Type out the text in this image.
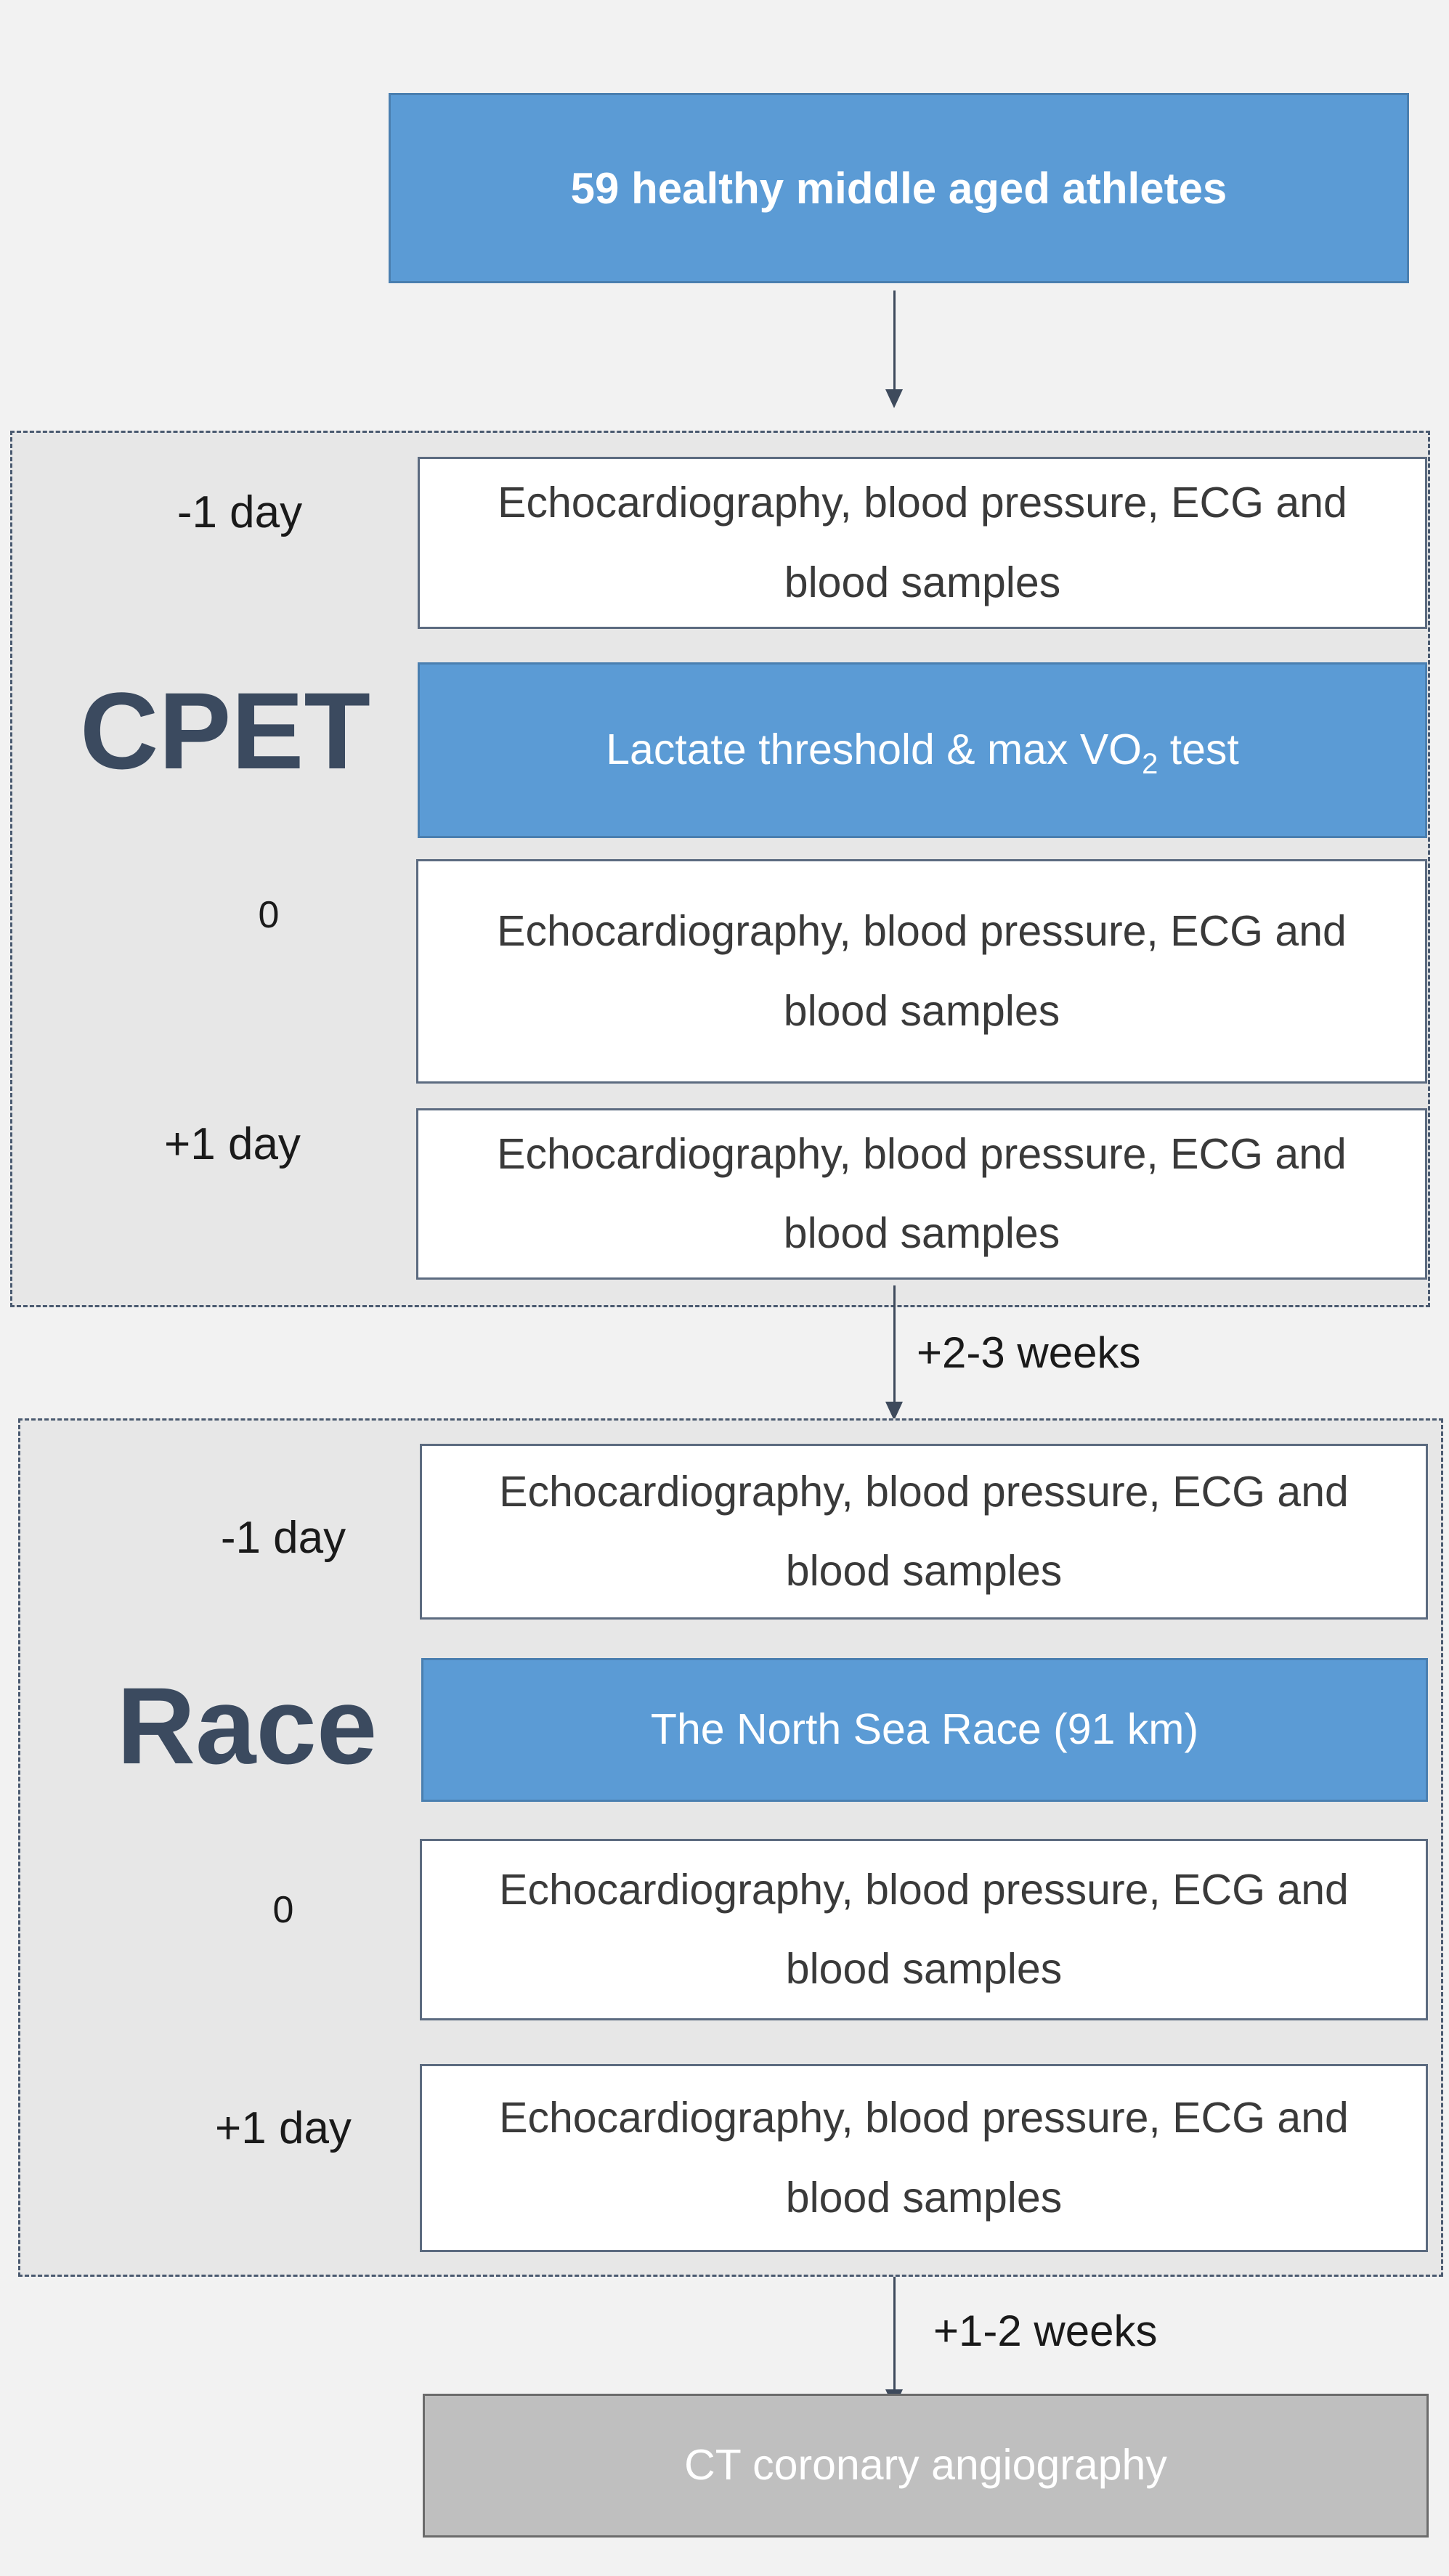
59 healthy middle aged athletes
-1 day
CPET
0
+1 day
Echocardiography, blood pressure, ECG and blood samples
Lactate threshold & $\max VO_2$ test
Echocardiography, blood pressure, ECG and blood samples
Echocardiography, blood pressure, ECG and blood samples
+2-3 weeks
-1 day
Race
0
+1 day
Echocardiography, blood pressure, ECG and blood samples
The North Sea Race (91 km)
Echocardiography, blood pressure, ECG and blood samples
Echocardiography, blood pressure, ECG and blood samples
+1-2 weeks
CT coronary angiography
